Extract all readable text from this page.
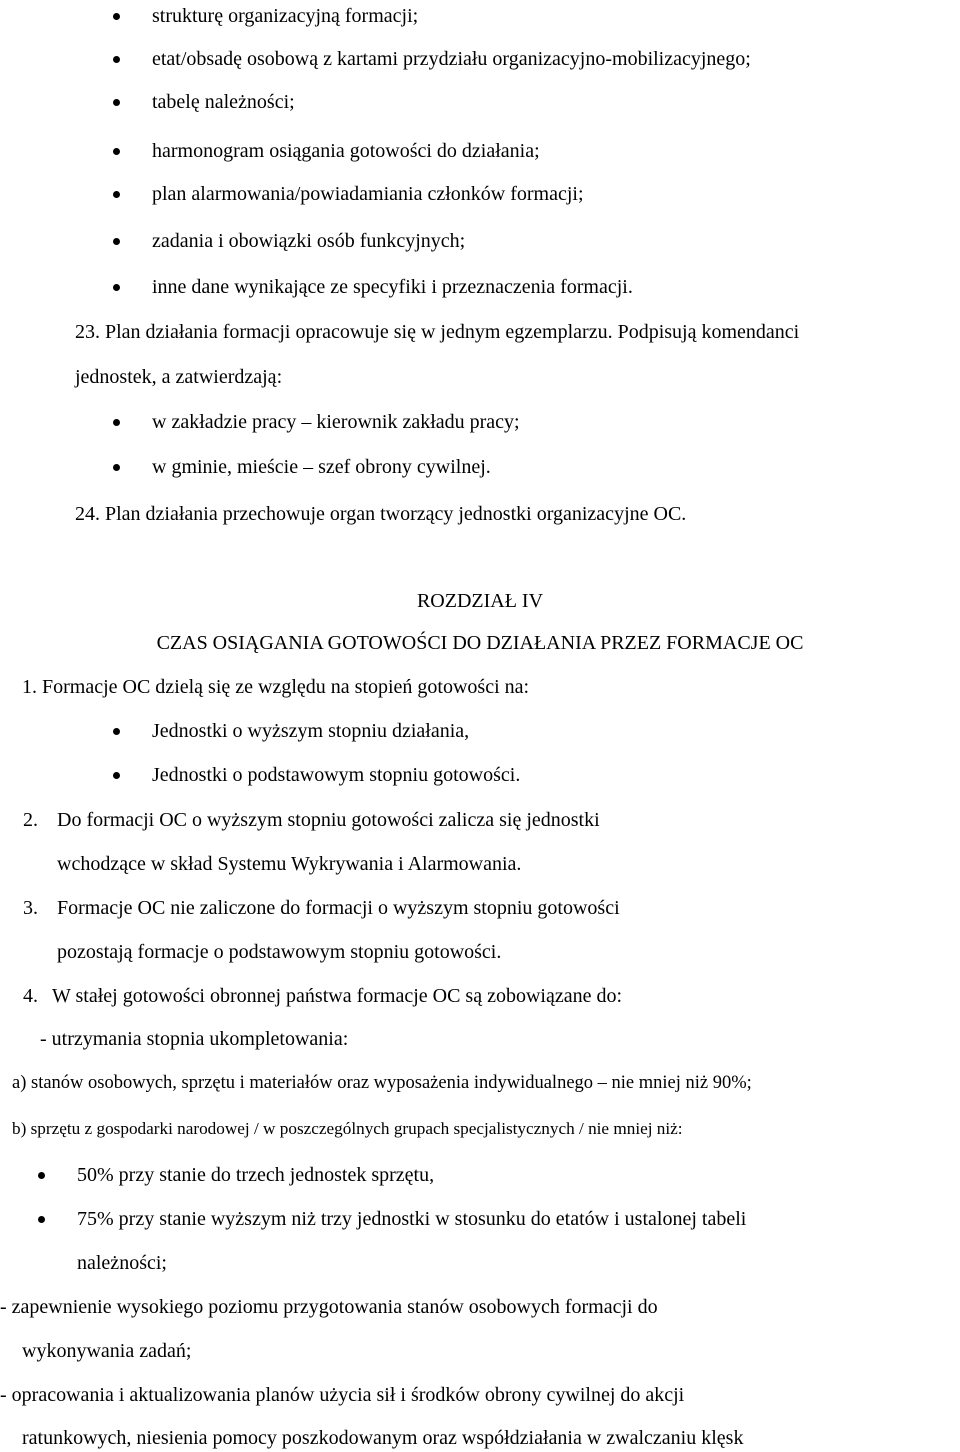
strukturę organizacyjną formacji;
etat/obsadę osobową z kartami przydziału organizacyjno-mobilizacyjnego;
tabelę należności;
harmonogram osiągania gotowości do działania;
plan alarmowania/powiadamiania członków formacji;
zadania i obowiązki osób funkcyjnych;
inne dane wynikające ze specyfiki i przeznaczenia formacji.
23. Plan działania formacji opracowuje się w jednym egzemplarzu. Podpisują komendanci
jednostek, a zatwierdzają:
w zakładzie pracy – kierownik zakładu pracy;
w gminie, mieście – szef obrony cywilnej.
24. Plan działania przechowuje organ tworzący jednostki organizacyjne OC.
ROZDZIAŁ IV
CZAS OSIĄGANIA GOTOWOŚCI DO DZIAŁANIA PRZEZ FORMACJE OC
1. Formacje OC dzielą się ze względu na stopień gotowości na:
Jednostki o wyższym stopniu działania,
Jednostki o podstawowym stopniu gotowości.
2. Do formacji OC o wyższym stopniu gotowości zalicza się jednostki
wchodzące w skład Systemu Wykrywania i Alarmowania.
3. Formacje OC nie zaliczone do formacji o wyższym stopniu gotowości
pozostają formacje o podstawowym stopniu gotowości.
4. W stałej gotowości obronnej państwa formacje OC są zobowiązane do:
- utrzymania stopnia ukompletowania:
a) stanów osobowych, sprzętu i materiałów oraz wyposażenia indywidualnego – nie mniej niż 90%;
b) sprzętu z gospodarki narodowej / w poszczególnych grupach specjalistycznych / nie mniej niż:
50% przy stanie do trzech jednostek sprzętu,
75% przy stanie wyższym niż trzy jednostki w stosunku do etatów i ustalonej tabeli
należności;
- zapewnienie wysokiego poziomu przygotowania stanów osobowych formacji do
wykonywania zadań;
- opracowania i aktualizowania planów użycia sił i środków obrony cywilnej do akcji
ratunkowych, niesienia pomocy poszkodowanym oraz współdziałania w zwalczaniu klęsk
